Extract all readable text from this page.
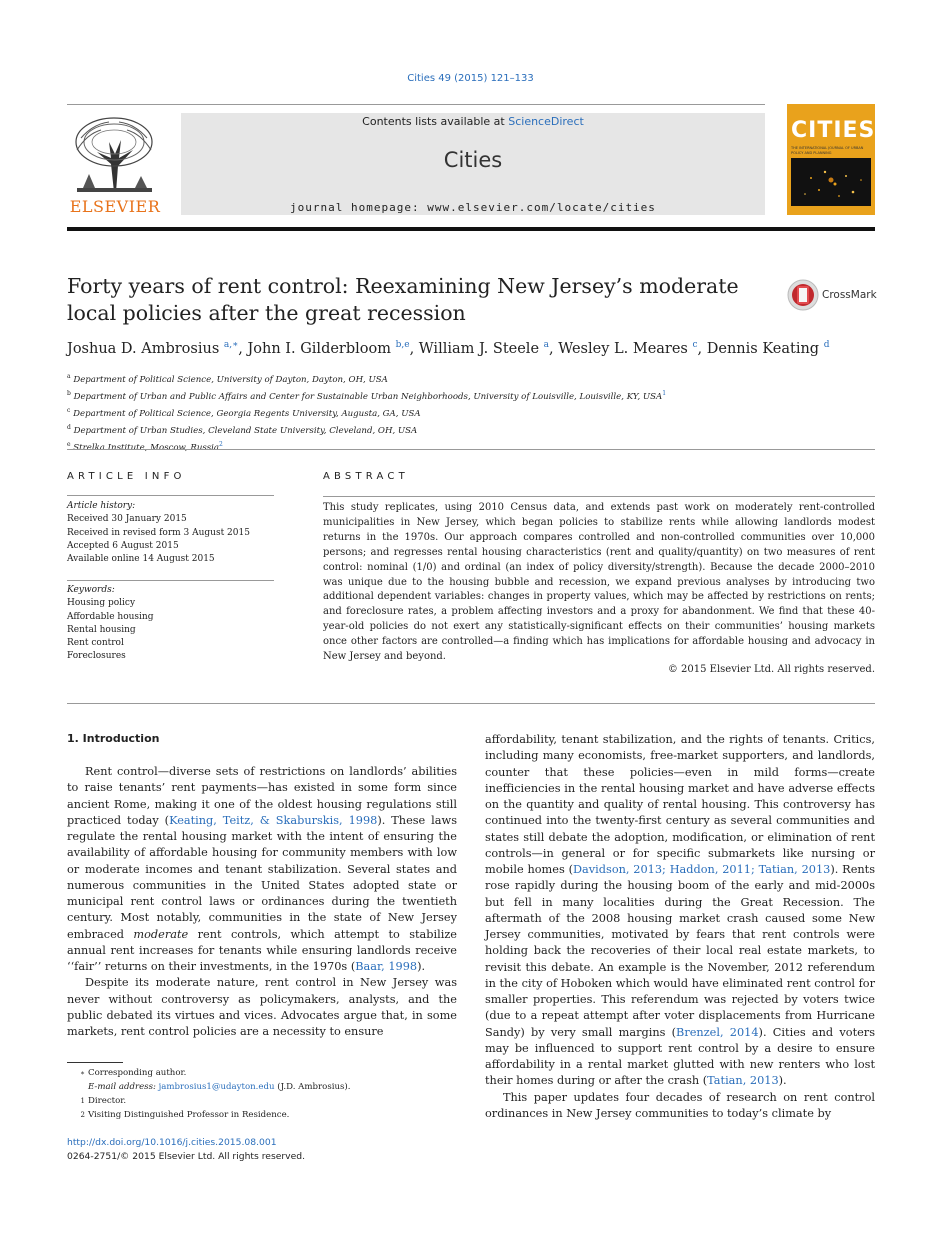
Cities 49 (2015) 121–133
ELSEVIER
Contents lists available at ScienceDirect
Cities
journal homepage: www.elsevier.com/locate/cities
CITIES
THE INTERNATIONAL JOURNAL OF URBAN POLICY AND PLANNING
Forty years of rent control: Reexamining New Jersey’s moderate local policies after the great recession
CrossMark
Joshua D. Ambrosius $^{a,∗}$, John I. Gilderbloom $^{b,e}$, William J. Steele $^a$, Wesley L. Meares $^c$, Dennis Keating $^d$
$^a$ Department of Political Science, University of Dayton, Dayton, OH, USA
$^b$ Department of Urban and Public Affairs and Center for Sustainable Urban Neighborhoods, University of Louisville, Louisville, KY, USA$^1$
$^c$ Department of Political Science, Georgia Regents University, Augusta, GA, USA
$^d$ Department of Urban Studies, Cleveland State University, Cleveland, OH, USA
$^e$	$^2$
ARTICLE INFO
Article history:
Received 30 January 2015
Received in revised form 3 August 2015
Accepted 6 August 2015
Available online 14 August 2015
Keywords:
Housing policy
Affordable housing
Rental housing
Rent control
Foreclosures
ABSTRACT
This study replicates, using 2010 Census data, and extends past work on moderately rent-controlled municipalities in New Jersey, which began policies to stabilize rents while allowing landlords modest returns in the 1970s. Our approach compares controlled and non-controlled communities over 10,000 persons; and regresses rental housing characteristics (rent and quality/quantity) on two measures of rent control: nominal (1/0) and ordinal (an index of policy diversity/strength). Because the decade 2000–2010 was unique due to the housing bubble and recession, we expand previous analyses by introducing two additional dependent variables: changes in property values, which may be affected by restrictions on rents; and foreclosure rates, a problem affecting investors and a proxy for abandonment. We find that these 40-year-old policies do not exert any statistically-significant effects on their communities’ housing markets once other factors are controlled—a finding which has implications for affordable housing and advocacy in New Jersey and beyond.
© 2015 Elsevier Ltd. All rights reserved.
1. Introduction

Rent control—diverse sets of restrictions on landlords’ abilities to raise tenants’ rent payments—has existed in some form since ancient Rome, making it one of the oldest housing regulations still practiced today (Keating, Teitz, & Skaburskis, 1998). These laws regulate the rental housing market with the intent of ensuring the availability of affordable housing for community members with low or moderate incomes and tenant stabilization. Several states and numerous communities in the United States adopted state or municipal rent control laws or ordinances during the twentieth century. Most notably, communities in the state of New Jersey embraced moderate rent controls, which attempt to stabilize annual rent increases for tenants while ensuring landlords receive ‘‘fair’’ returns on their investments, in the 1970s (Baar, 1998).

Despite its moderate nature, rent control in New Jersey was never without controversy as policymakers, analysts, and the public debated its virtues and vices. Advocates argue that, in some markets, rent control policies are a necessity to ensure

affordability, tenant stabilization, and the rights of tenants. Critics, including many economists, free-market supporters, and landlords, counter that these policies—even in mild forms—create inefficiencies in the rental housing market and have adverse effects on the quantity and quality of rental housing. This controversy has continued into the twenty-first century as several communities and states still debate the adoption, modification, or elimination of rent controls—in general or for specific submarkets like nursing or mobile homes (Davidson, 2013; Haddon, 2011; Tatian, 2013). Rents rose rapidly during the housing boom of the early and mid-2000s but fell in many localities during the Great Recession. The aftermath of the 2008 housing market crash caused some New Jersey communities, motivated by fears that rent controls were holding back the recoveries of their local real estate markets, to revisit this debate. An example is the November, 2012 referendum in the city of Hoboken which would have eliminated rent control for smaller properties. This referendum was rejected by voters twice (due to a repeat attempt after voter displacements from Hurricane Sandy) by very small margins (Brenzel, 2014). Cities and voters may be influenced to support rent control by a desire to ensure affordability in a rental market glutted with new renters who lost their homes during or after the crash (Tatian, 2013).

This paper updates four decades of research on rent control ordinances in New Jersey communities to today’s climate by

∗ Corresponding author.
E-mail address: jambrosius1@udayton.edu (J.D. Ambrosius).
1 Director.
2 Visiting Distinguished Professor in Residence.
http://dx.doi.org/10.1016/j.cities.2015.08.001
0264-2751/© 2015 Elsevier Ltd. All rights reserved.
